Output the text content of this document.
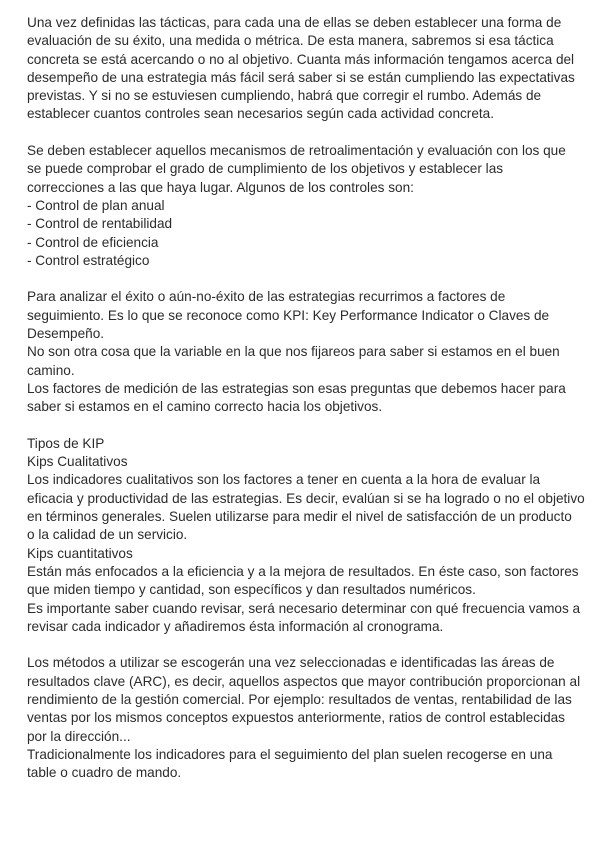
Una vez definidas las tácticas, para cada una de ellas se deben establecer una forma de
evaluación de su éxito, una medida o métrica. De esta manera, sabremos si esa táctica
concreta se está acercando o no al objetivo. Cuanta más información tengamos acerca del
desempeño de una estrategia más fácil será saber si se están cumpliendo las expectativas
previstas. Y si no se estuviesen cumpliendo, habrá que corregir el rumbo. Además de
establecer cuantos controles sean necesarios según cada actividad concreta.
Se deben establecer aquellos mecanismos de retroalimentación y evaluación con los que
se puede comprobar el grado de cumplimiento de los objetivos y establecer las
correcciones a las que haya lugar. Algunos de los controles son:
- Control de plan anual
- Control de rentabilidad
- Control de eficiencia
- Control estratégico
Para analizar el éxito o aún-no-éxito de las estrategias recurrimos a factores de
seguimiento. Es lo que se reconoce como KPI: Key Performance Indicator o Claves de
Desempeño.
No son otra cosa que la variable en la que nos fijareos para saber si estamos en el buen
camino.
Los factores de medición de las estrategias son esas preguntas que debemos hacer para
saber si estamos en el camino correcto hacia los objetivos.
Tipos de KIP
Kips Cualitativos
Los indicadores cualitativos son los factores a tener en cuenta a la hora de evaluar la
eficacia y productividad de las estrategias. Es decir, evalúan si se ha logrado o no el objetivo
en términos generales. Suelen utilizarse para medir el nivel de satisfacción de un producto
o la calidad de un servicio.
Kips cuantitativos
Están más enfocados a la eficiencia y a la mejora de resultados. En éste caso, son factores
que miden tiempo y cantidad, son específicos y dan resultados numéricos.
Es importante saber cuando revisar, será necesario determinar con qué frecuencia vamos a
revisar cada indicador y añadiremos ésta información al cronograma.
Los métodos a utilizar se escogerán una vez seleccionadas e identificadas las áreas de
resultados clave (ARC), es decir, aquellos aspectos que mayor contribución proporcionan al
rendimiento de la gestión comercial. Por ejemplo: resultados de ventas, rentabilidad de las
ventas por los mismos conceptos expuestos anteriormente, ratios de control establecidas
por la dirección...
Tradicionalmente los indicadores para el seguimiento del plan suelen recogerse en una
table o cuadro de mando.
